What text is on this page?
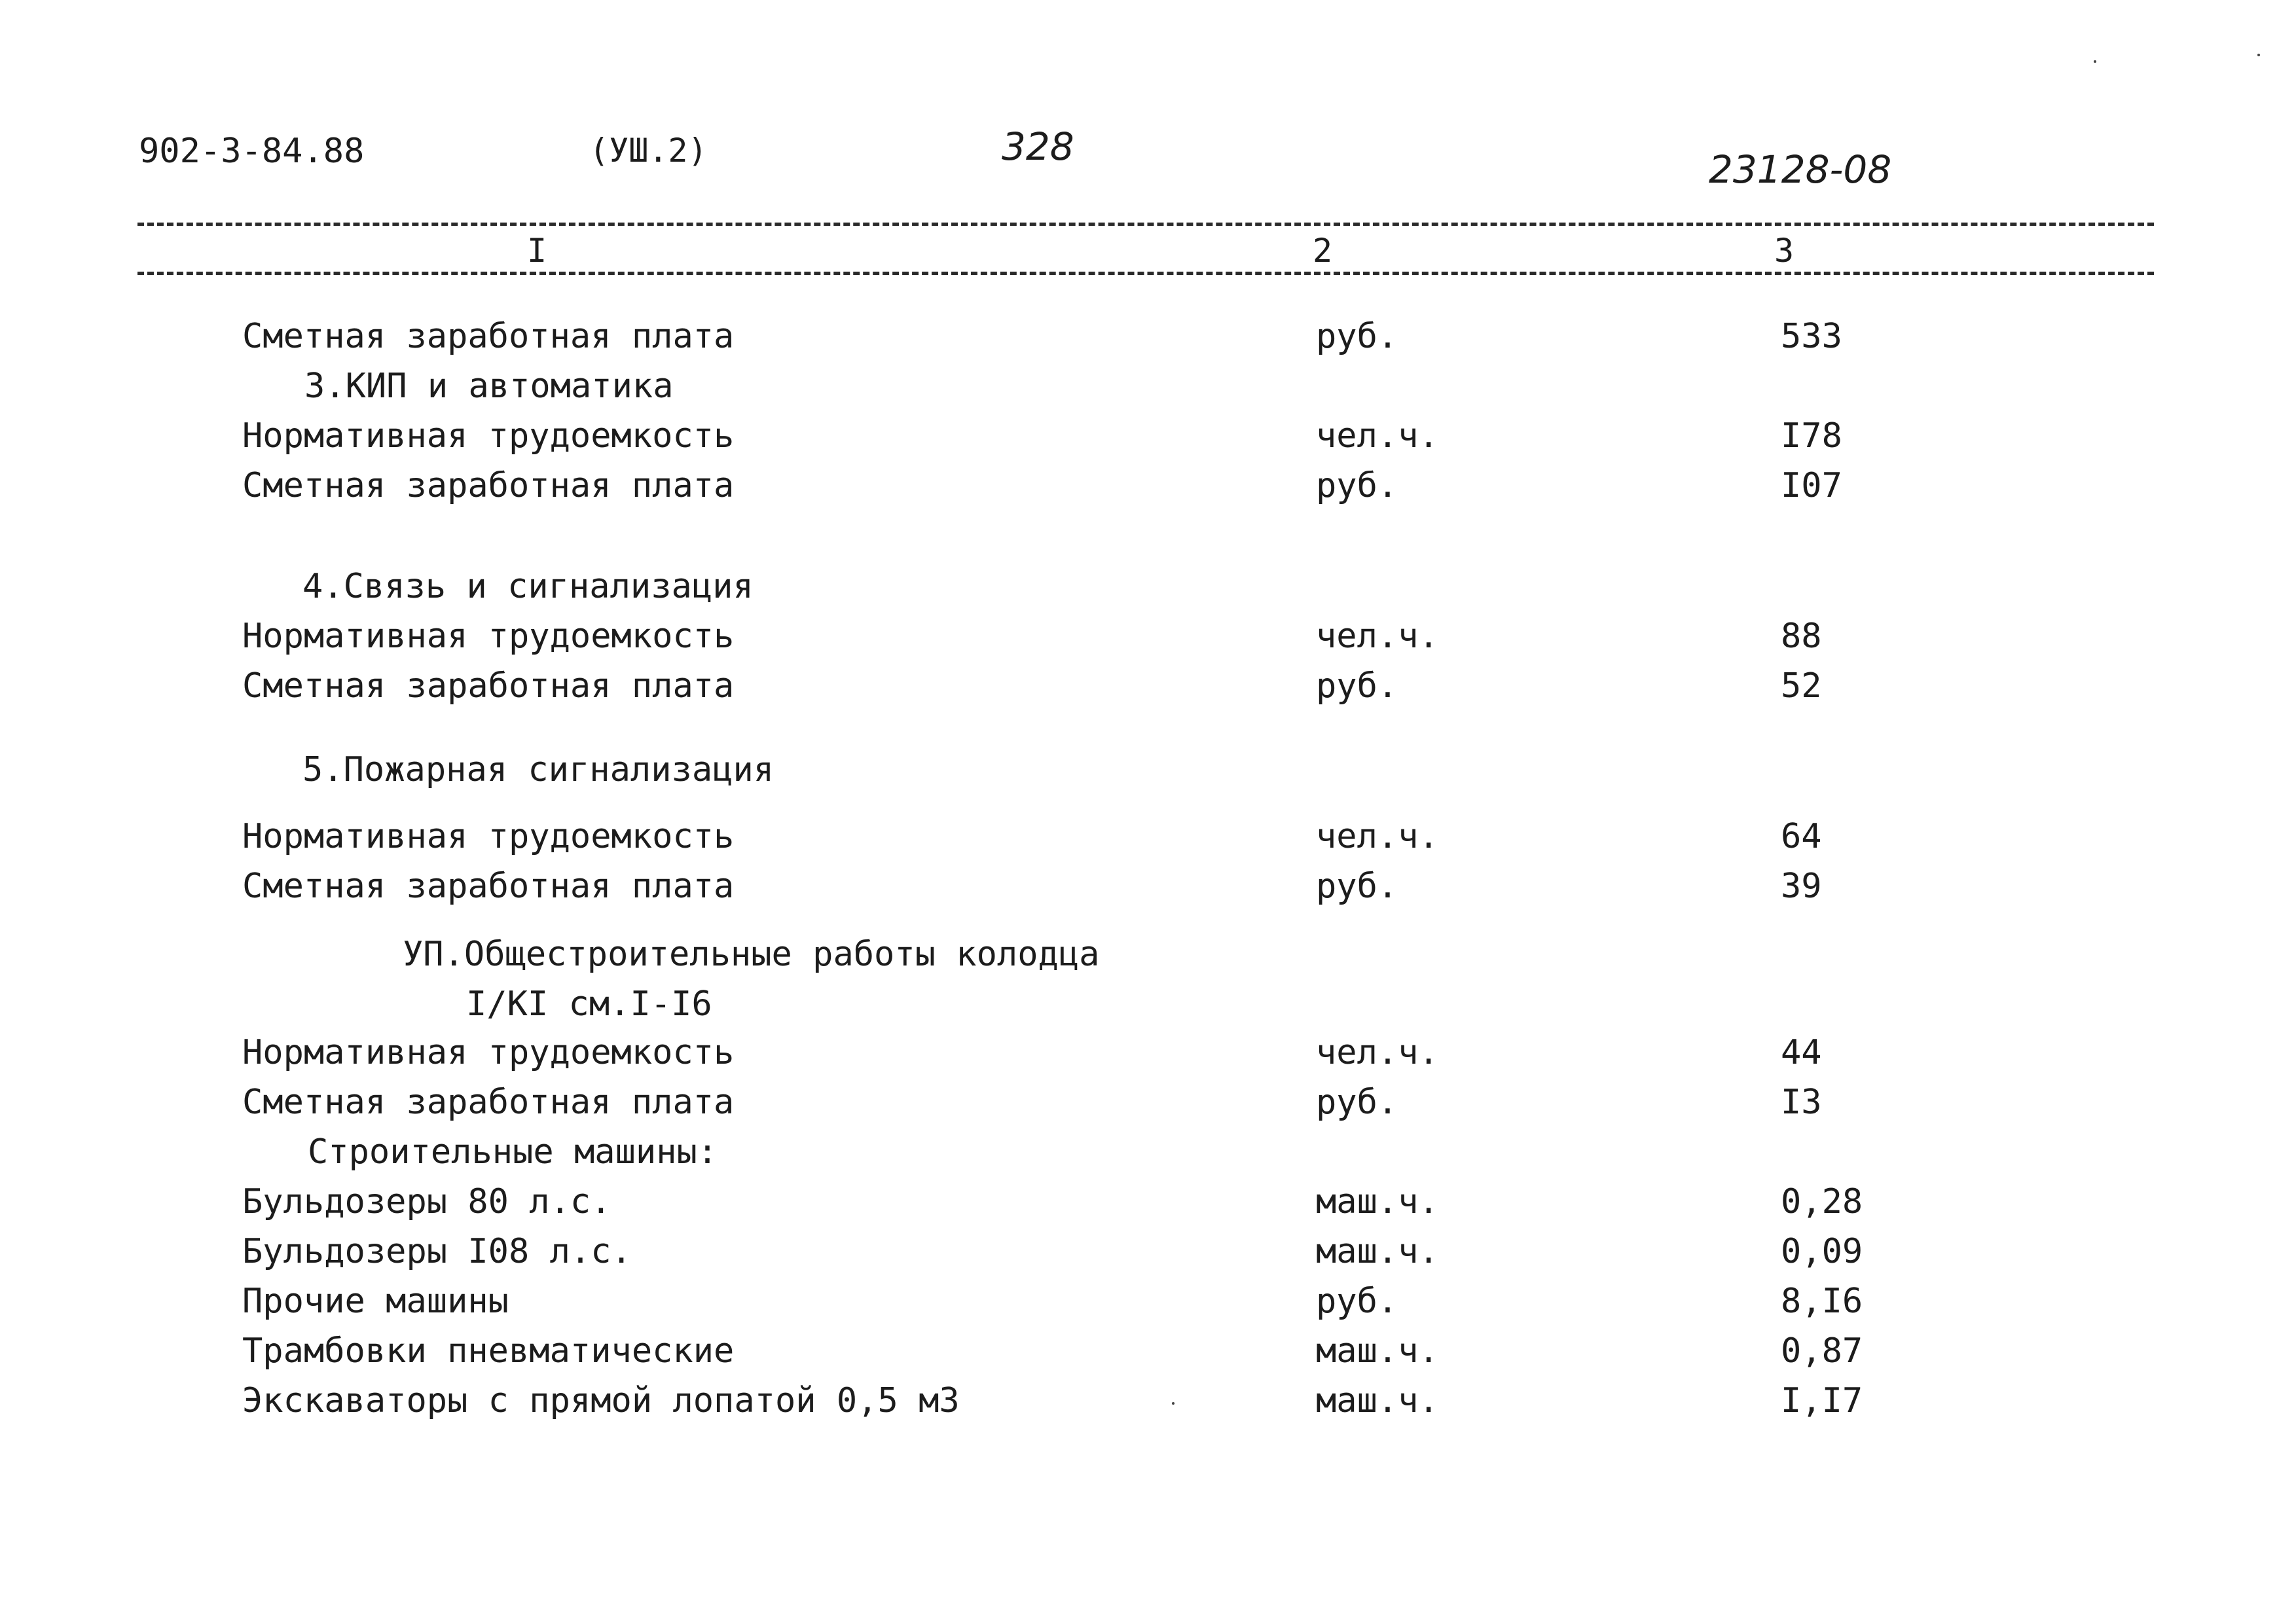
902-3-84.88	(УШ.2)	328
23128-08
I	2	3
Сметная заработная плата	руб.	533
3.КИП и автоматика
Нормативная трудоемкость	чел.ч.	I78
Сметная заработная плата	руб.	I07
4.Связь и сигнализация
Нормативная трудоемкость	чел.ч.	88
Сметная заработная плата	руб.	52
5.Пожарная сигнализация
Нормативная трудоемкость	чел.ч.	64
Сметная заработная плата	руб.	39
УП.Общестроительные работы колодца
I/KI см.I-I6
Нормативная трудоемкость	чел.ч.	44
Сметная заработная плата	руб.	I3
Строительные машины:
Бульдозеры 80 л.с.	маш.ч.	0,28
Бульдозеры I08 л.с.	маш.ч.	0,09
Прочие машины	руб.	8,I6
Трамбовки пневматические	маш.ч.	0,87
Экскаваторы с прямой лопатой 0,5 м3	маш.ч.	I,I7
